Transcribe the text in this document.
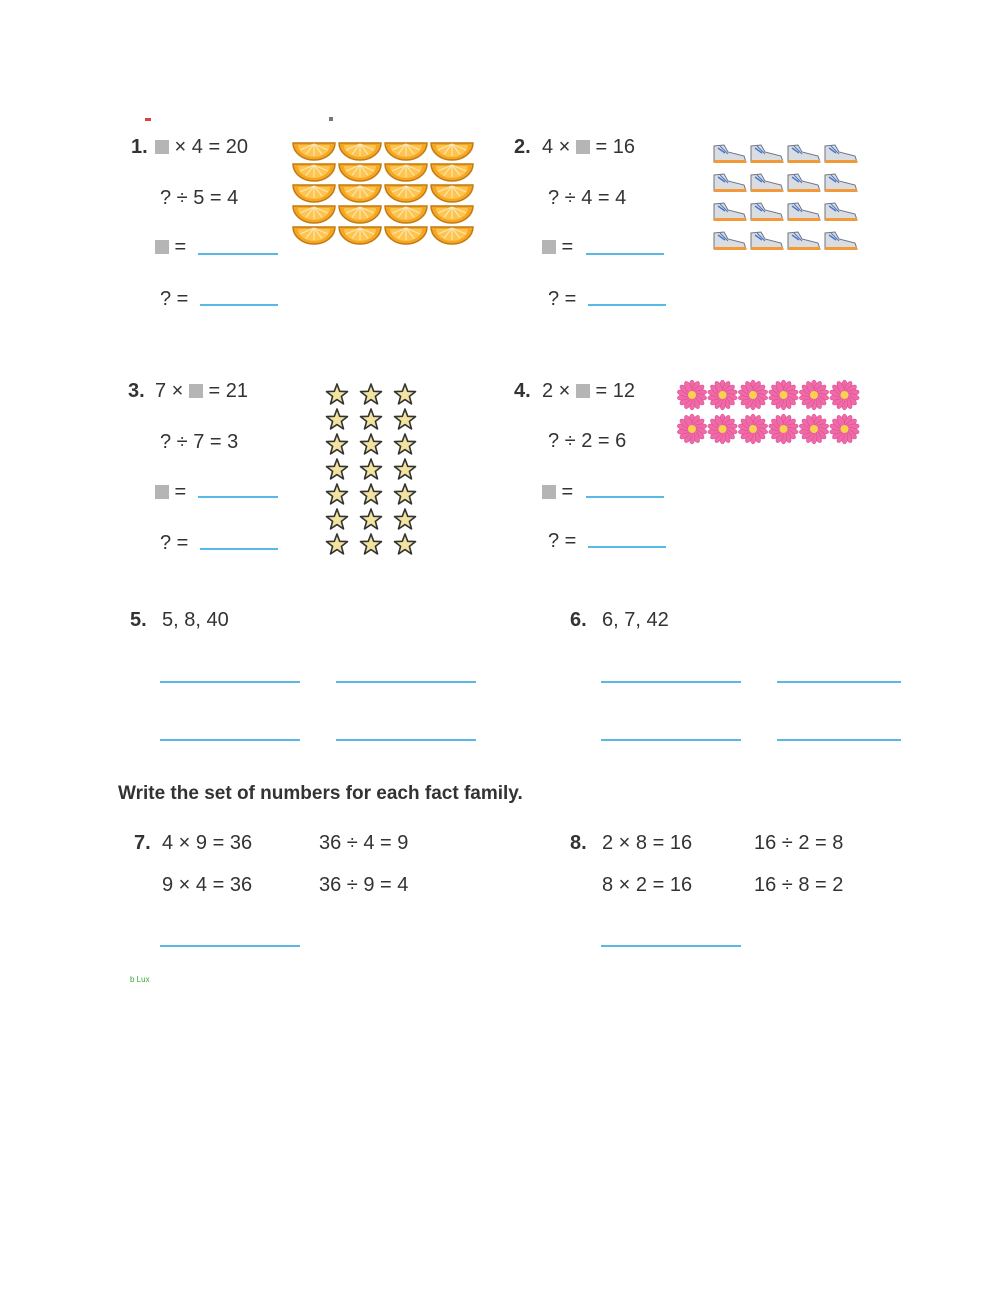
1.	× 4 = 20
? ÷ 5 = 4
=
? =
2. 4 ×  = 16
? ÷ 4 = 4
=
? =
3. 7 ×  = 21
? ÷ 7 = 3
=
? =
4. 2 ×  = 12
? ÷ 2 = 6
=
? =
5. 5, 8, 40	6. 6, 7, 42
Write the set of numbers for each fact family.
7. 4 × 9 = 36	36 ÷ 4 = 9
9 × 4 = 36	36 ÷ 9 = 4
8. 2 × 8 = 16	16 ÷ 2 = 8
8 × 2 = 16	16 ÷ 8 = 2
b Lux
